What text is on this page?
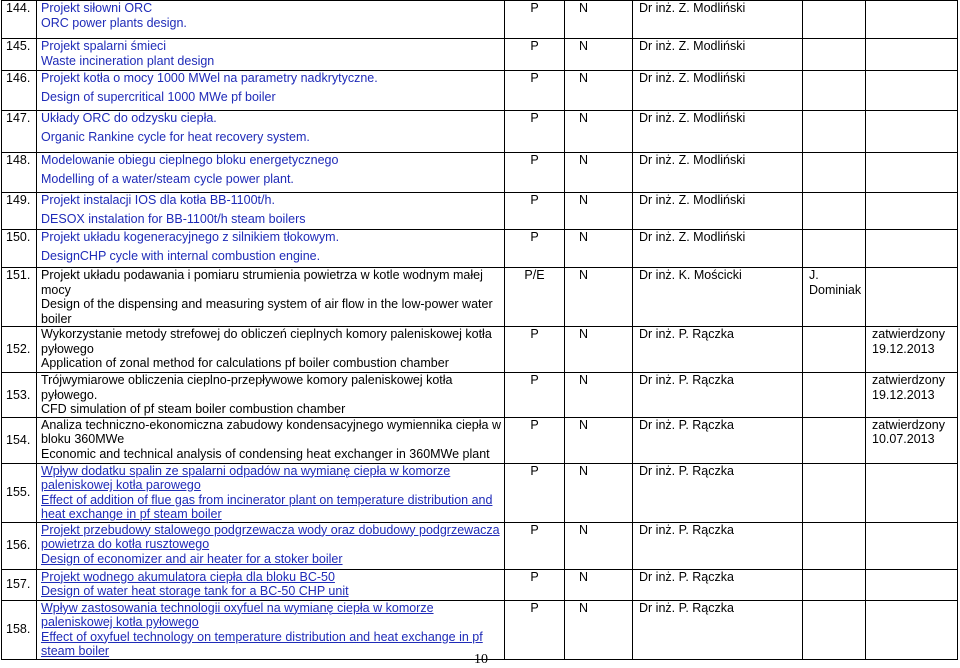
144.	Projekt siłowni ORC
ORC power plants design.	P	N	Dr inż. Z. Modliński		
145.	Projekt spalarni śmieci
Waste incineration plant design	P	N	Dr inż. Z. Modliński		
146.	Projekt kotła o mocy 1000 MWel na parametry nadkrytyczne.
Design of supercritical 1000 MWe pf boiler	P	N	Dr inż. Z. Modliński		
147.	Układy ORC do odzysku ciepła.
Organic Rankine cycle for heat recovery system.	P	N	Dr inż. Z. Modliński		
148.	Modelowanie obiegu cieplnego bloku energetycznego
Modelling of a water/steam cycle power plant.	P	N	Dr inż. Z. Modliński		
149.	Projekt instalacji IOS dla kotła BB-1100t/h.
DESOX instalation for BB-1100t/h steam boilers	P	N	Dr inż. Z. Modliński		
150.	Projekt układu kogeneracyjnego z silnikiem tłokowym.
DesignCHP cycle with internal combustion engine.	P	N	Dr inż. Z. Modliński		
151.	Projekt układu podawania i pomiaru strumienia powietrza w kotle wodnym małej mocy
Design of the dispensing and measuring system of air flow in the low-power water boiler	P/E	N	Dr inż. K. Mościcki	J. Dominiak	
152.	Wykorzystanie metody strefowej do obliczeń cieplnych komory paleniskowej kotła pyłowego
Application of zonal method for calculations pf boiler combustion chamber	P	N	Dr inż. P. Rączka		zatwierdzony 19.12.2013
153.	Trójwymiarowe obliczenia cieplno-przepływowe komory paleniskowej kotła pyłowego.
CFD simulation of pf steam boiler combustion chamber	P	N	Dr inż. P. Rączka		zatwierdzony 19.12.2013
154.	Analiza techniczno-ekonomiczna zabudowy kondensacyjnego wymiennika ciepła w bloku 360MWe
Economic and technical analysis of condensing heat exchanger in 360MWe plant	P	N	Dr inż. P. Rączka		zatwierdzony 10.07.2013
155.	Wpływ dodatku spalin ze spalarni odpadów na wymianę ciepła w komorze paleniskowej kotła parowego
Effect of addition of flue gas from incinerator plant on temperature distribution and heat exchange in pf steam boiler	P	N	Dr inż. P. Rączka		
156.	Projekt przebudowy stalowego podgrzewacza wody oraz dobudowy podgrzewacza powietrza do kotła rusztowego
Design of economizer and air heater for a stoker boiler	P	N	Dr inż. P. Rączka		
157.	Projekt wodnego akumulatora ciepła dla bloku BC-50
Design of water heat storage tank for a BC-50 CHP unit	P	N	Dr inż. P. Rączka		
158.	Wpływ zastosowania technologii oxyfuel na wymianę ciepła w komorze paleniskowej kotła pyłowego
Effect of oxyfuel technology on temperature distribution and heat exchange in pf steam boiler	P	N	Dr inż. P. Rączka		
10
